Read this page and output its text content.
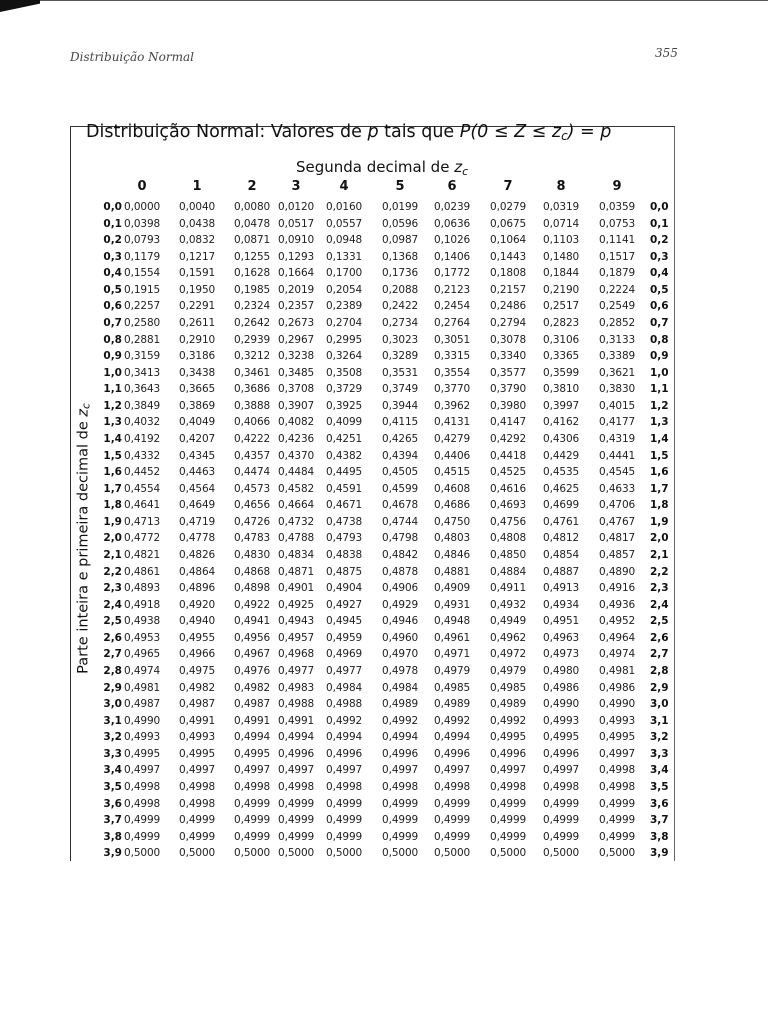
Distribuição Normal	355
Distribuição Normal: Valores de p tais que $P(0 \le Z \le z_c) = p$
Segunda decimal de $z_c$
Parte inteira e primeira decimal de zc
0	1	2	3	4	5	6	7	8	9
0,0 0,0000 0,0040 0,0080 0,0120 0,0160 0,0199 0,0239 0,0279 0,0319 0,0359 0,0
0,1 0,0398 0,0438 0,0478 0,0517 0,0557 0,0596 0,0636 0,0675 0,0714 0,0753 0,1
0,2 0,0793 0,0832 0,0871 0,0910 0,0948 0,0987 0,1026 0,1064 0,1103 0,1141 0,2
0,3 0,1179 0,1217 0,1255 0,1293 0,1331 0,1368 0,1406 0,1443 0,1480 0,1517 0,3
0,4 0,1554 0,1591 0,1628 0,1664 0,1700 0,1736 0,1772 0,1808 0,1844 0,1879 0,4
0,5 0,1915 0,1950 0,1985 0,2019 0,2054 0,2088 0,2123 0,2157 0,2190 0,2224 0,5
0,6 0,2257 0,2291 0,2324 0,2357 0,2389 0,2422 0,2454 0,2486 0,2517 0,2549 0,6
0,7 0,2580 0,2611 0,2642 0,2673 0,2704 0,2734 0,2764 0,2794 0,2823 0,2852 0,7
0,8 0,2881 0,2910 0,2939 0,2967 0,2995 0,3023 0,3051 0,3078 0,3106 0,3133 0,8
0,9 0,3159 0,3186 0,3212 0,3238 0,3264 0,3289 0,3315 0,3340 0,3365 0,3389 0,9
1,0 0,3413 0,3438 0,3461 0,3485 0,3508 0,3531 0,3554 0,3577 0,3599 0,3621 1,0
1,1 0,3643 0,3665 0,3686 0,3708 0,3729 0,3749 0,3770 0,3790 0,3810 0,3830 1,1
1,2 0,3849 0,3869 0,3888 0,3907 0,3925 0,3944 0,3962 0,3980 0,3997 0,4015 1,2
1,3 0,4032 0,4049 0,4066 0,4082 0,4099 0,4115 0,4131 0,4147 0,4162 0,4177 1,3
1,4 0,4192 0,4207 0,4222 0,4236 0,4251 0,4265 0,4279 0,4292 0,4306 0,4319 1,4
1,5 0,4332 0,4345 0,4357 0,4370 0,4382 0,4394 0,4406 0,4418 0,4429 0,4441 1,5
1,6 0,4452 0,4463 0,4474 0,4484 0,4495 0,4505 0,4515 0,4525 0,4535 0,4545 1,6
1,7 0,4554 0,4564 0,4573 0,4582 0,4591 0,4599 0,4608 0,4616 0,4625 0,4633 1,7
1,8 0,4641 0,4649 0,4656 0,4664 0,4671 0,4678 0,4686 0,4693 0,4699 0,4706 1,8
1,9 0,4713 0,4719 0,4726 0,4732 0,4738 0,4744 0,4750 0,4756 0,4761 0,4767 1,9
2,0 0,4772 0,4778 0,4783 0,4788 0,4793 0,4798 0,4803 0,4808 0,4812 0,4817 2,0
2,1 0,4821 0,4826 0,4830 0,4834 0,4838 0,4842 0,4846 0,4850 0,4854 0,4857 2,1
2,2 0,4861 0,4864 0,4868 0,4871 0,4875 0,4878 0,4881 0,4884 0,4887 0,4890 2,2
2,3 0,4893 0,4896 0,4898 0,4901 0,4904 0,4906 0,4909 0,4911 0,4913 0,4916 2,3
2,4 0,4918 0,4920 0,4922 0,4925 0,4927 0,4929 0,4931 0,4932 0,4934 0,4936 2,4
2,5 0,4938 0,4940 0,4941 0,4943 0,4945 0,4946 0,4948 0,4949 0,4951 0,4952 2,5
2,6 0,4953 0,4955 0,4956 0,4957 0,4959 0,4960 0,4961 0,4962 0,4963 0,4964 2,6
2,7 0,4965 0,4966 0,4967 0,4968 0,4969 0,4970 0,4971 0,4972 0,4973 0,4974 2,7
2,8 0,4974 0,4975 0,4976 0,4977 0,4977 0,4978 0,4979 0,4979 0,4980 0,4981 2,8
2,9 0,4981 0,4982 0,4982 0,4983 0,4984 0,4984 0,4985 0,4985 0,4986 0,4986 2,9
3,0 0,4987 0,4987 0,4987 0,4988 0,4988 0,4989 0,4989 0,4989 0,4990 0,4990 3,0
3,1 0,4990 0,4991 0,4991 0,4991 0,4992 0,4992 0,4992 0,4992 0,4993 0,4993 3,1
3,2 0,4993 0,4993 0,4994 0,4994 0,4994 0,4994 0,4994 0,4995 0,4995 0,4995 3,2
3,3 0,4995 0,4995 0,4995 0,4996 0,4996 0,4996 0,4996 0,4996 0,4996 0,4997 3,3
3,4 0,4997 0,4997 0,4997 0,4997 0,4997 0,4997 0,4997 0,4997 0,4997 0,4998 3,4
3,5 0,4998 0,4998 0,4998 0,4998 0,4998 0,4998 0,4998 0,4998 0,4998 0,4998 3,5
3,6 0,4998 0,4998 0,4999 0,4999 0,4999 0,4999 0,4999 0,4999 0,4999 0,4999 3,6
3,7 0,4999 0,4999 0,4999 0,4999 0,4999 0,4999 0,4999 0,4999 0,4999 0,4999 3,7
3,8 0,4999 0,4999 0,4999 0,4999 0,4999 0,4999 0,4999 0,4999 0,4999 0,4999 3,8
3,9 0,5000 0,5000 0,5000 0,5000 0,5000 0,5000 0,5000 0,5000 0,5000 0,5000 3,9
